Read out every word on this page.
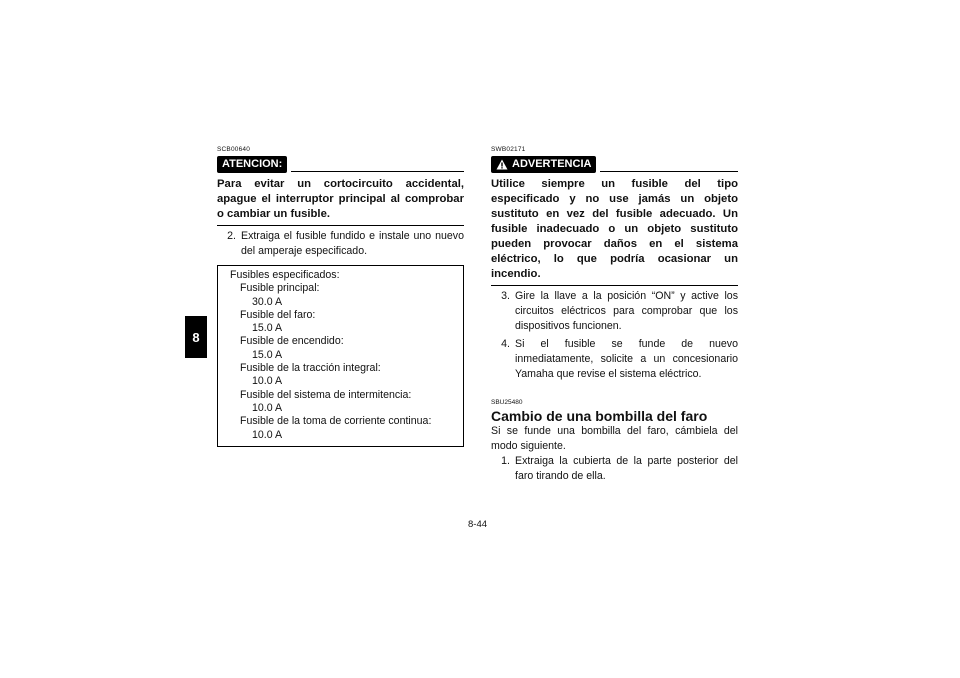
8
SCB00640
ATENCION:
Para evitar un cortocircuito accidental, apague el interruptor principal al comprobar o cambiar un fusible.
2. Extraiga el fusible fundido e instale uno nuevo del amperaje especificado.
Fusibles especificados:
Fusible principal:
30.0 A
Fusible del faro:
15.0 A
Fusible de encendido:
15.0 A
Fusible de la tracción integral:
10.0 A
Fusible del sistema de intermitencia:
10.0 A
Fusible de la toma de corriente continua:
10.0 A
SWB02171
ADVERTENCIA
Utilice siempre un fusible del tipo especificado y no use jamás un objeto sustituto en vez del fusible adecuado. Un fusible inadecuado o un objeto sustituto pueden provocar daños en el sistema eléctrico, lo que podría ocasionar un incendio.
3. Gire la llave a la posición “ON” y active los circuitos eléctricos para comprobar que los dispositivos funcionen.
4. Si el fusible se funde de nuevo inmediatamente, solicite a un concesionario Yamaha que revise el sistema eléctrico.
SBU25480
Cambio de una bombilla del faro
Si se funde una bombilla del faro, cámbiela del modo siguiente.
1. Extraiga la cubierta de la parte posterior del faro tirando de ella.
8-44
